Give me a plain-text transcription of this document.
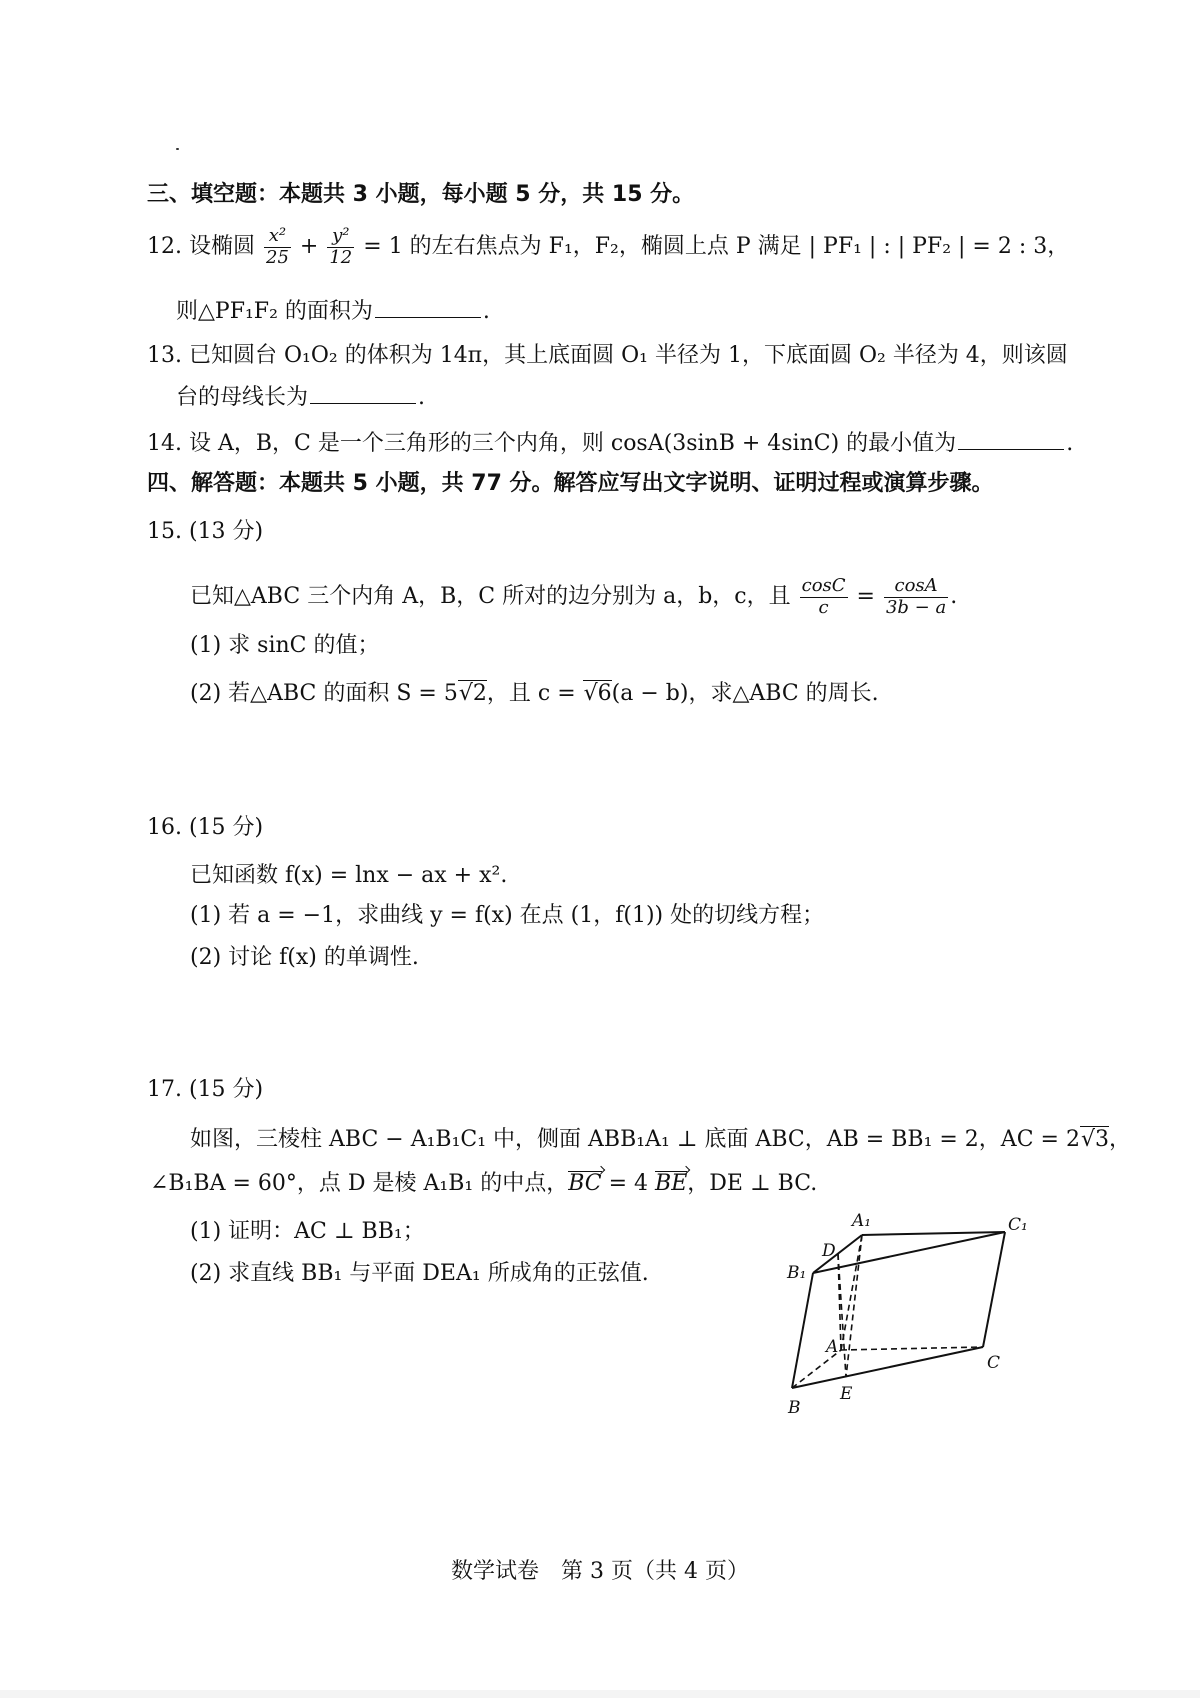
三、填空题：本题共 3 小题，每小题 5 分，共 15 分。
12. 设椭圆 $\frac{\text{x²}}{25} + \frac{\text{y²}}{12} = 1$ 的左右焦点为 F₁，F₂，椭圆上点 P 满足 | PF₁ | : | PF₂ | = 2 : 3，
则△PF₁F₂ 的面积为	.
13. 已知圆台 O₁O₂ 的体积为 14π，其上底面圆 O₁ 半径为 1，下底面圆 O₂ 半径为 4，则该圆
台的母线长为	.
14. 设 A，B，C 是一个三角形的三个内角，则 cosA(3sinB + 4sinC) 的最小值为	.
四、解答题：本题共 5 小题，共 77 分。解答应写出文字说明、证明过程或演算步骤。
15. (13 分)
已知△ABC 三个内角 A，B，C 所对的边分别为 a，b，c，且 $\frac{\cos C}{c} = \frac{\cos A}{3b - a}$ .
(1) 求 sinC 的值；
(2) 若△ABC 的面积 S = 5√2，且 c = √6(a − b)，求△ABC 的周长.
16. (15 分)
已知函数 f(x) = lnx − ax + x².
(1) 若 a = −1，求曲线 y = f(x) 在点 (1，f(1)) 处的切线方程；
(2) 讨论 f(x) 的单调性.
17. (15 分)
如图，三棱柱 ABC − A₁B₁C₁ 中，侧面 ABB₁A₁ ⊥ 底面 ABC，AB = BB₁ = 2，AC = 2√3，
∠B₁BA = 60°，点 D 是棱 A₁B₁ 的中点，BC = 4 BE，DE ⊥ BC.
(1) 证明：AC ⊥ BB₁；
(2) 求直线 BB₁ 与平面 DEA₁ 所成角的正弦值.
A₁	C₁
D
B₁
A
C
B
E
数学试卷　第 3 页（共 4 页）
